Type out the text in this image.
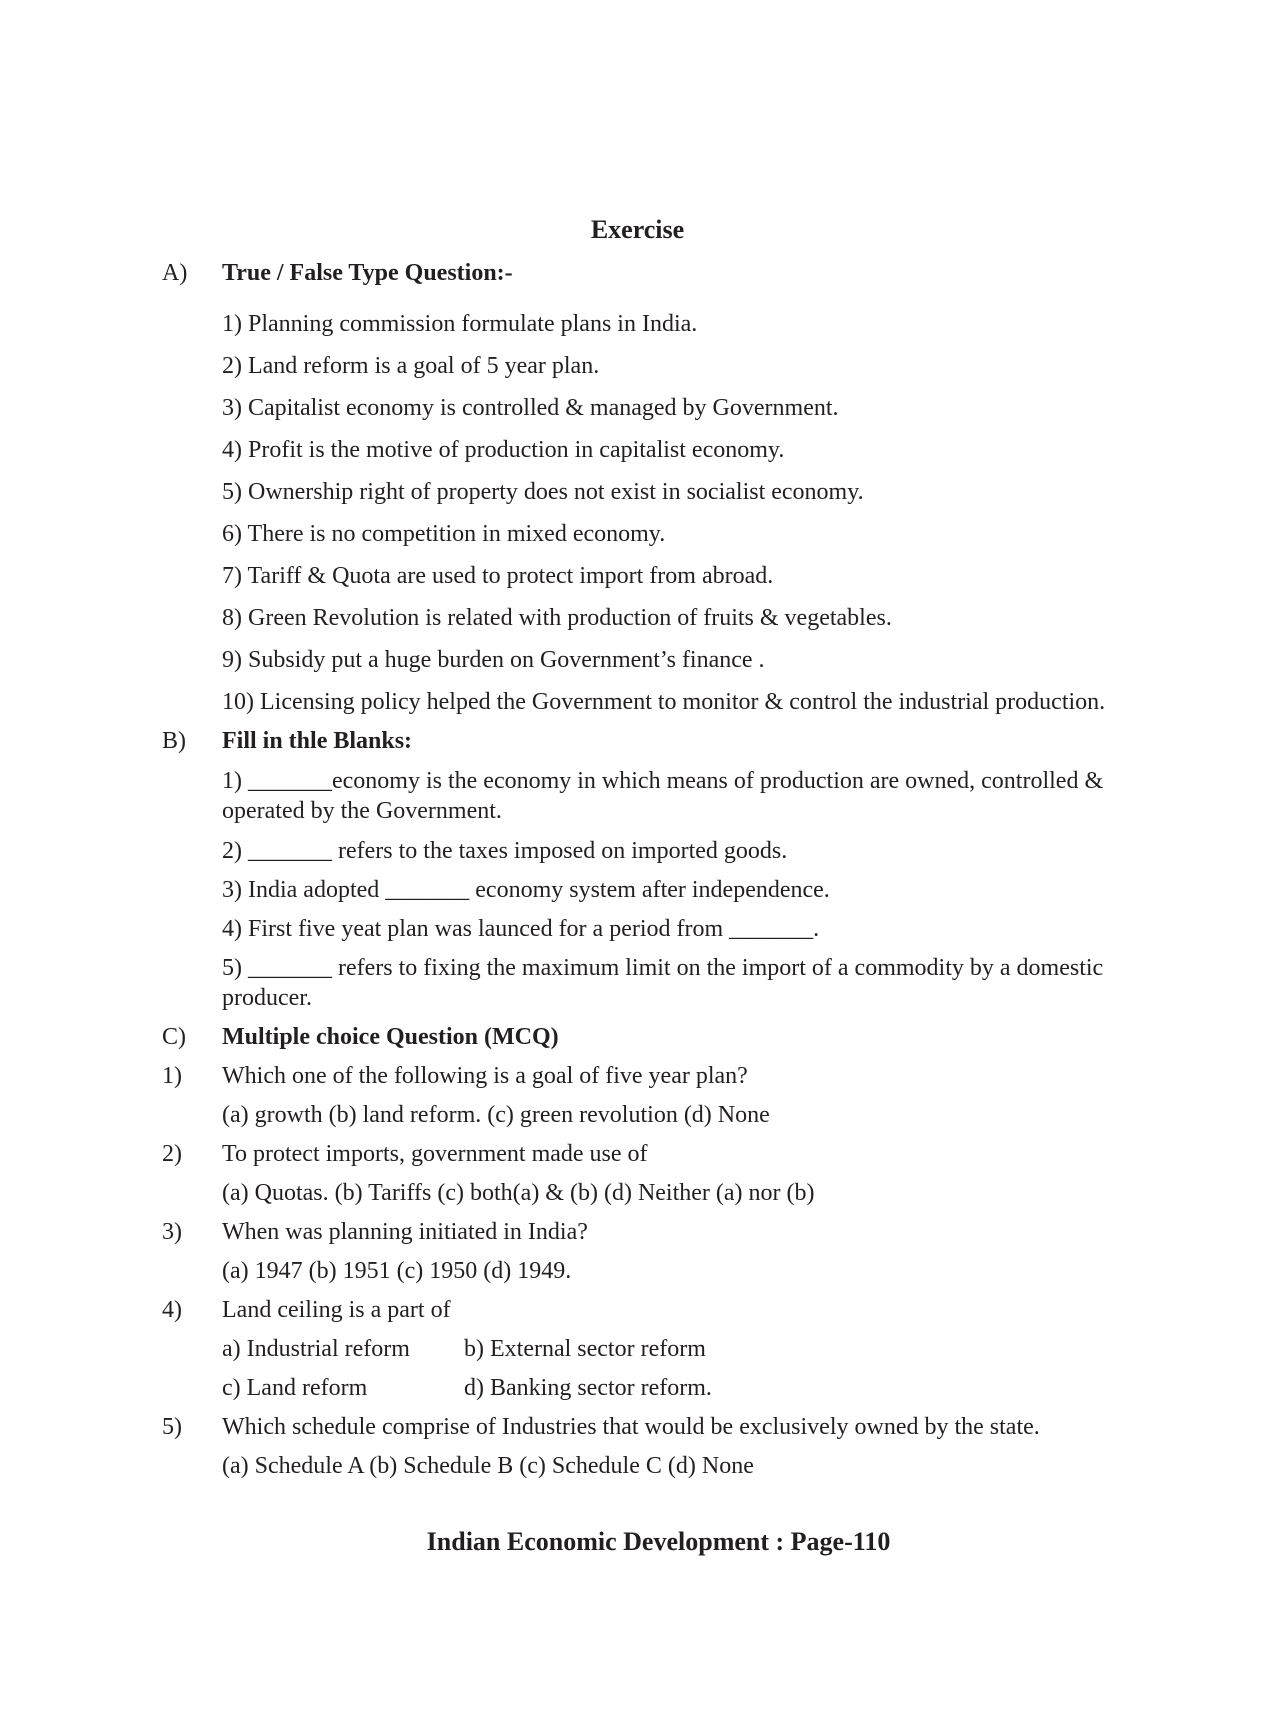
Exercise
A) True / False Type Question:-
1) Planning commission formulate plans in India.
2) Land reform is a goal of 5 year plan.
3) Capitalist economy is controlled & managed by Government.
4) Profit is the motive of production in capitalist economy.
5) Ownership right of property does not exist in socialist economy.
6) There is no competition in mixed economy.
7) Tariff & Quota are used to protect import from abroad.
8) Green Revolution is related with production of fruits & vegetables.
9) Subsidy put a huge burden on Government’s finance .
10) Licensing policy helped the Government to monitor & control the industrial production.
B) Fill in thle Blanks:
1) _______economy is the economy in which means of production are owned, controlled & operated by the Government.
2) _______ refers to the taxes imposed on imported goods.
3) India adopted _______ economy system after independence.
4) First five yeat plan was launced for a period from _______.
5) _______ refers to fixing the maximum limit on the import of a commodity by a domestic producer.
C) Multiple choice Question (MCQ)
1) Which one of the following is a goal of five year plan?
(a) growth (b) land reform. (c) green revolution (d) None
2) To protect imports, government made use of
(a) Quotas. (b) Tariffs (c) both(a) & (b) (d) Neither (a) nor (b)
3) When was planning initiated in India?
(a) 1947 (b) 1951 (c) 1950 (d) 1949.
4) Land ceiling is a part of
a) Industrial reform b) External sector reform
c) Land reform	d) Banking sector reform.
5) Which schedule comprise of Industries that would be exclusively owned by the state.
(a) Schedule A (b) Schedule B (c) Schedule C (d) None
Indian Economic Development : Page-110
